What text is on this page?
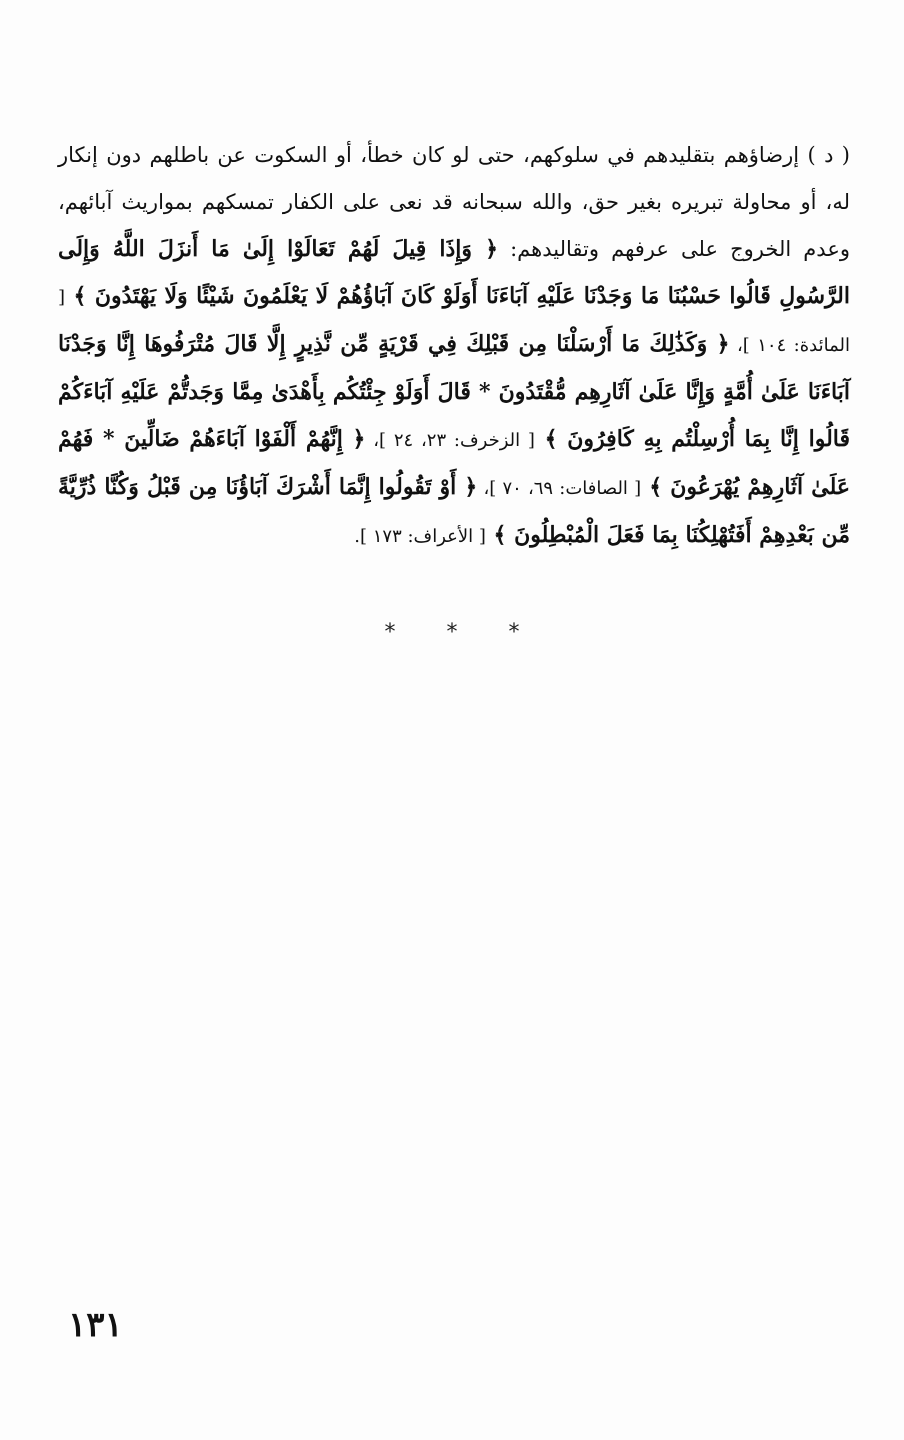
( د ) إرضاؤهم بتقليدهم في سلوكهم، حتى لو كان خطأ، أو السكوت عن باطلهم دون إنكار له، أو محاولة تبريره بغير حق، والله سبحانه قد نعى على الكفار تمسكهم بمواريث آبائهم، وعدم الخروج على عرفهم وتقاليدهم: ﴿ وَإِذَا قِيلَ لَهُمْ تَعَالَوْا إِلَىٰ مَا أَنزَلَ اللَّهُ وَإِلَى الرَّسُولِ قَالُوا حَسْبُنَا مَا وَجَدْنَا عَلَيْهِ آبَاءَنَا أَوَلَوْ كَانَ آبَاؤُهُمْ لَا يَعْلَمُونَ شَيْئًا وَلَا يَهْتَدُونَ ﴾ [ المائدة: ١٠٤ ]، ﴿ وَكَذَٰلِكَ مَا أَرْسَلْنَا مِن قَبْلِكَ فِي قَرْيَةٍ مِّن نَّذِيرٍ إِلَّا قَالَ مُتْرَفُوهَا إِنَّا وَجَدْنَا آبَاءَنَا عَلَىٰ أُمَّةٍ وَإِنَّا عَلَىٰ آثَارِهِم مُّقْتَدُونَ * قَالَ أَوَلَوْ جِئْتُكُم بِأَهْدَىٰ مِمَّا وَجَدتُّمْ عَلَيْهِ آبَاءَكُمْ قَالُوا إِنَّا بِمَا أُرْسِلْتُم بِهِ كَافِرُونَ ﴾ [ الزخرف: ٢٣، ٢٤ ]، ﴿ إِنَّهُمْ أَلْفَوْا آبَاءَهُمْ ضَالِّينَ * فَهُمْ عَلَىٰ آثَارِهِمْ يُهْرَعُونَ ﴾ [ الصافات: ٦٩، ٧٠ ]، ﴿ أَوْ تَقُولُوا إِنَّمَا أَشْرَكَ آبَاؤُنَا مِن قَبْلُ وَكُنَّا ذُرِّيَّةً مِّن بَعْدِهِمْ أَفَتُهْلِكُنَا بِمَا فَعَلَ الْمُبْطِلُونَ ﴾ [ الأعراف: ١٧٣ ].
* * *
١٣١
